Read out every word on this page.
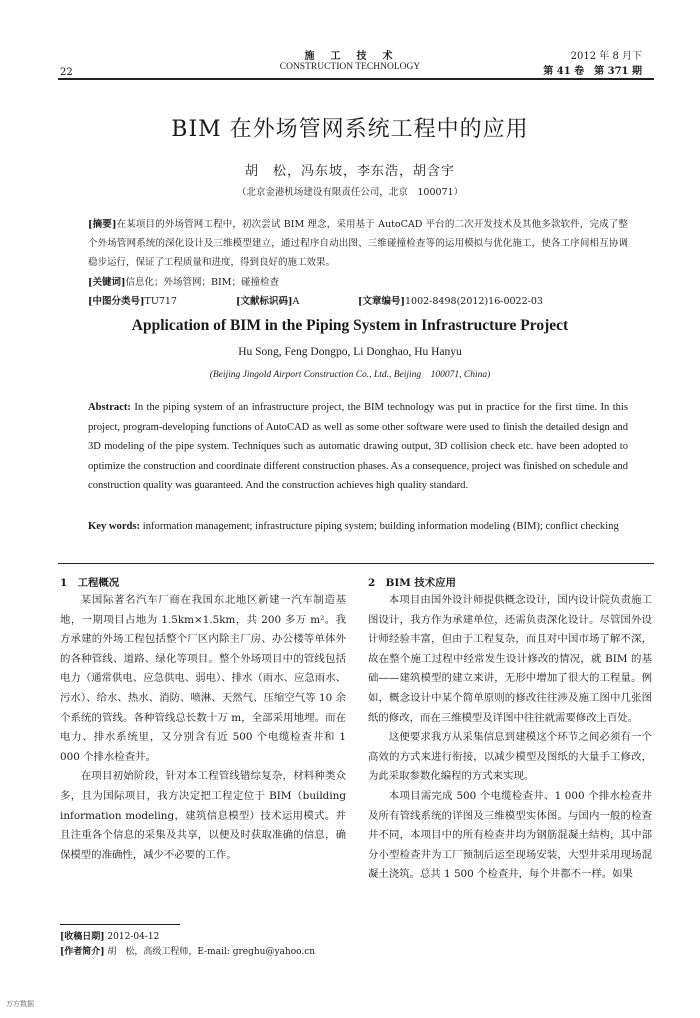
22
施　工　技　术
CONSTRUCTION TECHNOLOGY
2012 年 8 月下
第 41 卷　第 371 期
BIM 在外场管网系统工程中的应用
胡　松，冯东坡，李东浩，胡含宇
（北京金港机场建设有限责任公司，北京　100071）
[摘要]在某项目的外场管网工程中，初次尝试 BIM 理念，采用基于 AutoCAD 平台的二次开发技术及其他多款软件，完成了整个外场管网系统的深化设计及三维模型建立，通过程序自动出图、三维碰撞检查等的运用模拟与优化施工，使各工序间相互协调稳步运行，保证了工程质量和进度，得到良好的施工效果。
[关键词]信息化；外场管网；BIM；碰撞检查
[中图分类号]TU717	[文献标识码]A	[文章编号]1002-8498(2012)16-0022-03
Application of BIM in the Piping System in Infrastructure Project
Hu Song, Feng Dongpo, Li Donghao, Hu Hanyu
(Beijing Jingold Airport Construction Co., Ltd., Beijing　100071, China)
Abstract: In the piping system of an infrastructure project, the BIM technology was put in practice for the first time. In this project, program-developing functions of AutoCAD as well as some other software were used to finish the detailed design and 3D modeling of the pipe system. Techniques such as automatic drawing output, 3D collision check etc. have been adopted to optimize the construction and coordinate different construction phases. As a consequence, project was finished on schedule and construction quality was guaranteed. And the construction achieves high quality standard.
Key words: information management; infrastructure piping system; building information modeling (BIM); conflict checking
1　工程概况

某国际著名汽车厂商在我国东北地区新建一汽车制造基地，一期项目占地为 1.5km×1.5km，共 200 多万 m²。我方承建的外场工程包括整个厂区内除主厂房、办公楼等单体外的各种管线、道路、绿化等项目。整个外场项目中的管线包括电力（通常供电、应急供电、弱电）、排水（雨水、应急雨水、污水）、给水、热水、消防、喷淋、天然气、压缩空气等 10 余个系统的管线。各种管线总长数十万 m，全部采用地埋。而在电力、排水系统里，又分别含有近 500 个电缆检查井和 1 000 个排水检查井。

在项目初始阶段，针对本工程管线错综复杂，材料种类众多，且为国际项目，我方决定把工程定位于 BIM（building information modeling，建筑信息模型）技术运用模式。并且注重各个信息的采集及共享，以便及时获取准确的信息，确保模型的准确性，减少不必要的工作。

2　BIM 技术应用

本项目由国外设计师提供概念设计，国内设计院负责施工图设计，我方作为承建单位，还需负责深化设计。尽管国外设计师经验丰富，但由于工程复杂，而且对中国市场了解不深，故在整个施工过程中经常发生设计修改的情况，就 BIM 的基础——建筑模型的建立来讲，无形中增加了很大的工程量。例如，概念设计中某个简单原则的修改往往涉及施工图中几张图纸的修改，而在三维模型及详图中往往就需要修改上百处。

这便要求我方从采集信息到建模这个环节之间必须有一个高效的方式来进行衔接，以减少模型及图纸的大量手工修改，为此采取参数化编程的方式来实现。

本项目需完成 500 个电缆检查井、1 000 个排水检查井及所有管线系统的详图及三维模型实体图。与国内一般的检查井不同，本项目中的所有检查井均为钢筋混凝土结构，其中部分小型检查井为工厂预制后运至现场安装，大型井采用现场混凝土浇筑。总共 1 500 个检查井，每个井都不一样。如果

[收稿日期] 2012-04-12
[作者简介] 胡　松，高级工程师，E-mail: greghu@yahoo.cn
万方数据
